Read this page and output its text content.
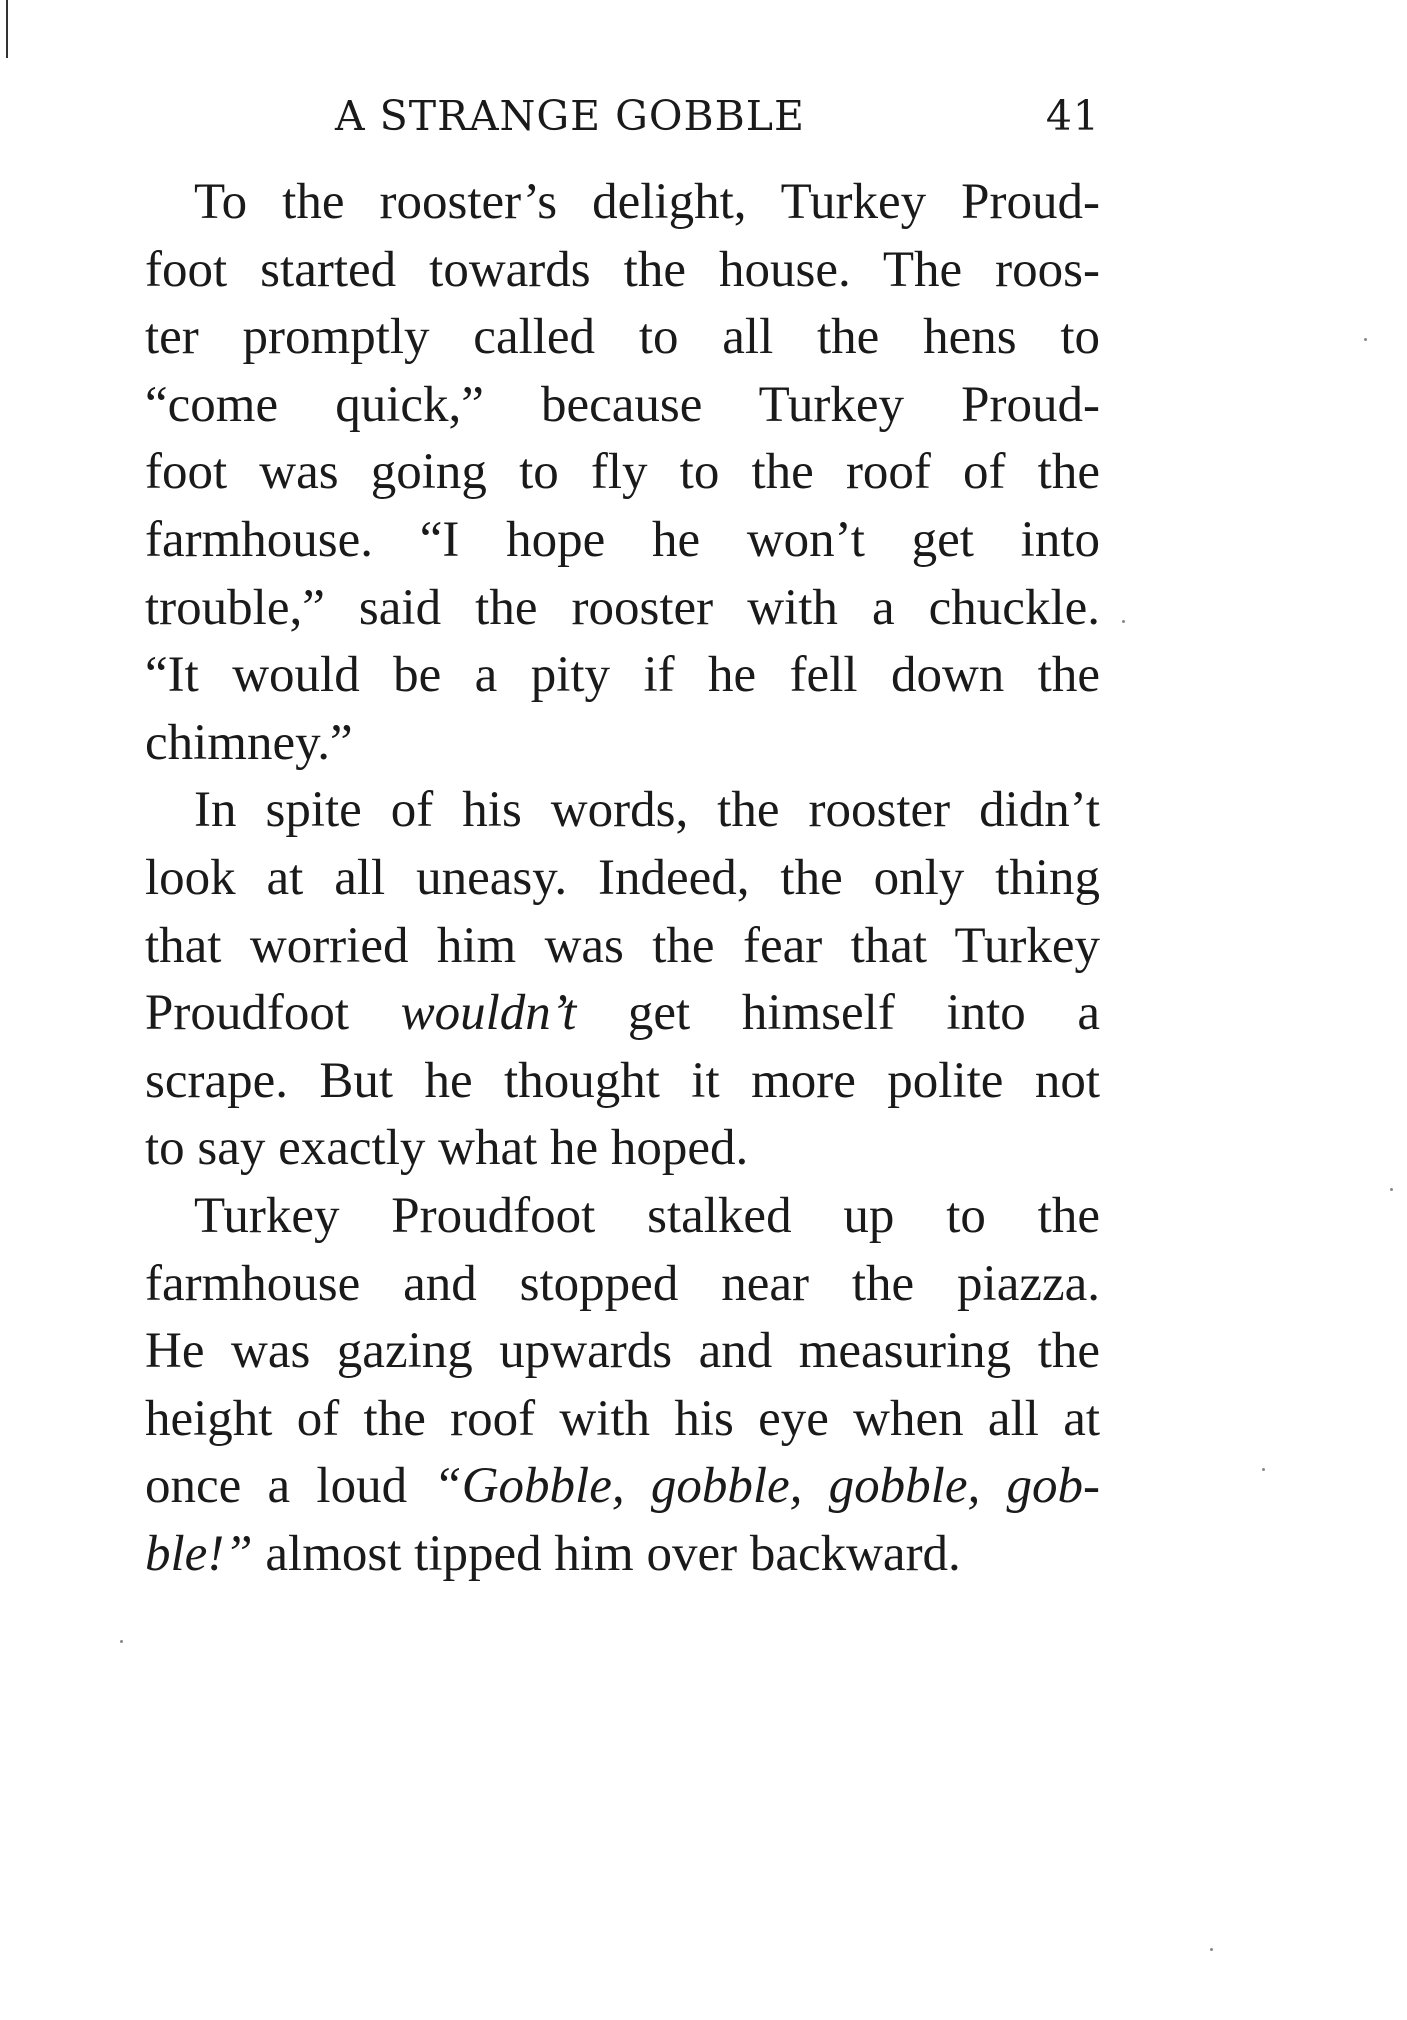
A STRANGE GOBBLE	41
To the rooster’s delight, Turkey Proud-
foot started towards the house. The roos-
ter promptly called to all the hens to
“come quick,” because Turkey Proud-
foot was going to fly to the roof of the
farmhouse. “I hope he won’t get into
trouble,” said the rooster with a chuckle.
“It would be a pity if he fell down the
chimney.”
In spite of his words, the rooster didn’t
look at all uneasy. Indeed, the only thing
that worried him was the fear that Turkey
Proudfoot wouldn’t get himself into a
scrape. But he thought it more polite not
to say exactly what he hoped.
Turkey Proudfoot stalked up to the
farmhouse and stopped near the piazza.
He was gazing upwards and measuring the
height of the roof with his eye when all at
once a loud “Gobble, gobble, gobble, gob-
ble!” almost tipped him over backward.
